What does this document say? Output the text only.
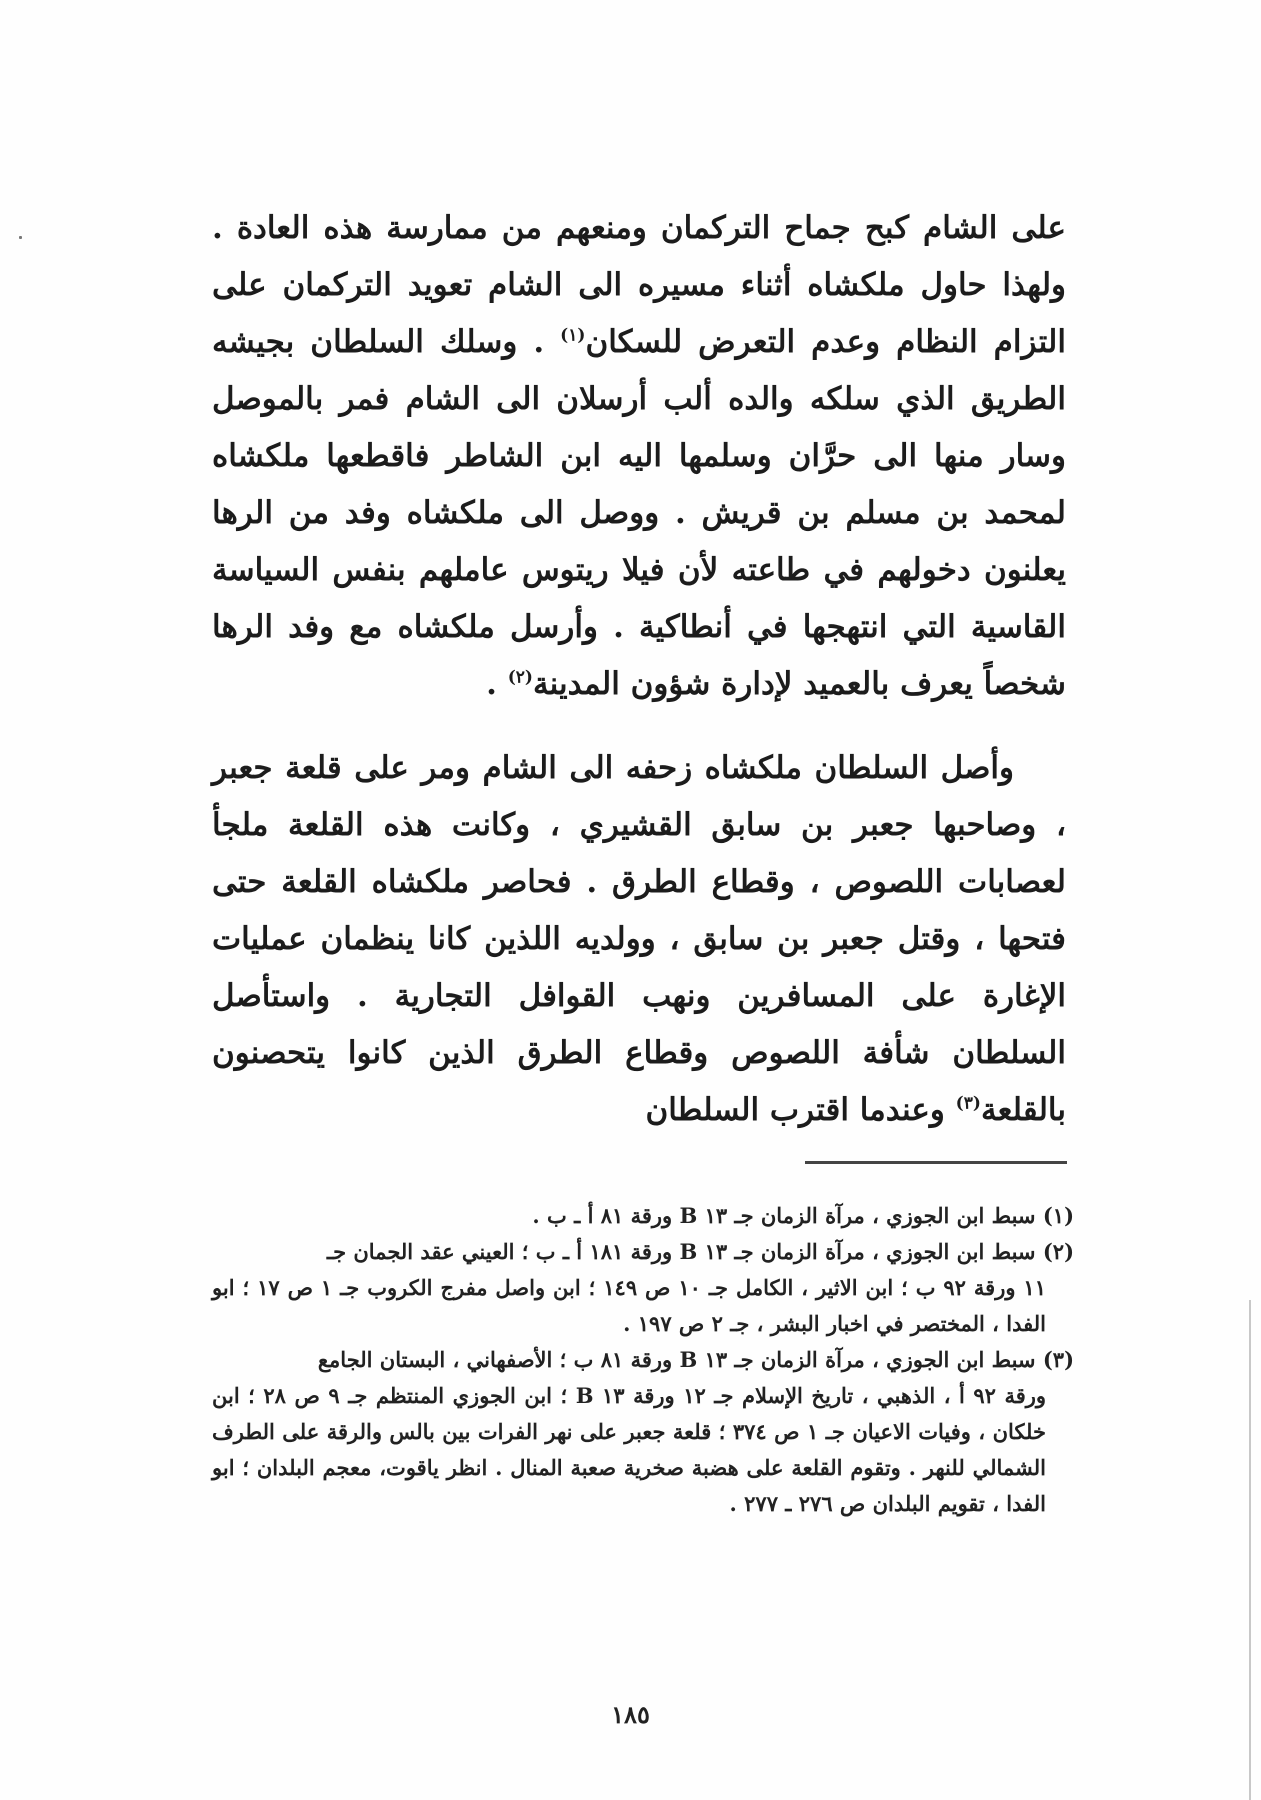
على الشام كبح جماح التركمان ومنعهم من ممارسة هذه العادة . ولهذا حاول ملكشاه أثناء مسيره الى الشام تعويد التركمان على التزام النظام وعدم التعرض للسكان$^{(١)}$ . وسلك السلطان بجيشه الطريق الذي سلكه والده ألب أرسلان الى الشام فمر بالموصل وسار منها الى حرَّان وسلمها اليه ابن الشاطر فاقطعها ملكشاه لمحمد بن مسلم بن قريش . ووصل الى ملكشاه وفد من الرها يعلنون دخولهم في طاعته لأن فيلا ريتوس عاملهم بنفس السياسة القاسية التي انتهجها في أنطاكية . وأرسل ملكشاه مع وفد الرها شخصاً يعرف بالعميد لإدارة شؤون المدينة$^{(٢)}$ .

وأصل السلطان ملكشاه زحفه الى الشام ومر على قلعة جعبر ، وصاحبها جعبر بن سابق القشيري ، وكانت هذه القلعة ملجأ لعصابات اللصوص ، وقطاع الطرق . فحاصر ملكشاه القلعة حتى فتحها ، وقتل جعبر بن سابق ، وولديه اللذين كانا ينظمان عمليات الإغارة على المسافرين ونهب القوافل التجارية . واستأصل السلطان شأفة اللصوص وقطاع الطرق الذين كانوا يتحصنون بالقلعة$^{(٣)}$ وعندما اقترب السلطان

(١) سبط ابن الجوزي ، مرآة الزمان جـ ١٣ B ورقة ٨١ أ ـ ب .

(٢) سبط ابن الجوزي ، مرآة الزمان جـ ١٣ B ورقة ١٨١ أ ـ ب ؛ العيني عقد الجمان جـ
١١ ورقة ٩٢ ب ؛ ابن الاثير ، الكامل جـ ١٠ ص ١٤٩ ؛ ابن واصل مفرج الكروب جـ ١ ص ١٧ ؛ ابو الفدا ، المختصر في اخبار البشر ، جـ ٢ ص ١٩٧ .

(٣) سبط ابن الجوزي ، مرآة الزمان جـ ١٣ B ورقة ٨١ ب ؛ الأصفهاني ، البستان الجامع
ورقة ٩٢ أ ، الذهبي ، تاريخ الإسلام جـ ١٢ ورقة ١٣ B ؛ ابن الجوزي المنتظم جـ ٩ ص ٢٨ ؛ ابن خلكان ، وفيات الاعيان جـ ١ ص ٣٧٤ ؛ قلعة جعبر على نهر الفرات بين بالس والرقة على الطرف الشمالي للنهر . وتقوم القلعة على هضبة صخرية صعبة المنال . انظر ياقوت، معجم البلدان ؛ ابو الفدا ، تقويم البلدان ص ٢٧٦ ـ ٢٧٧ .

١٨٥
